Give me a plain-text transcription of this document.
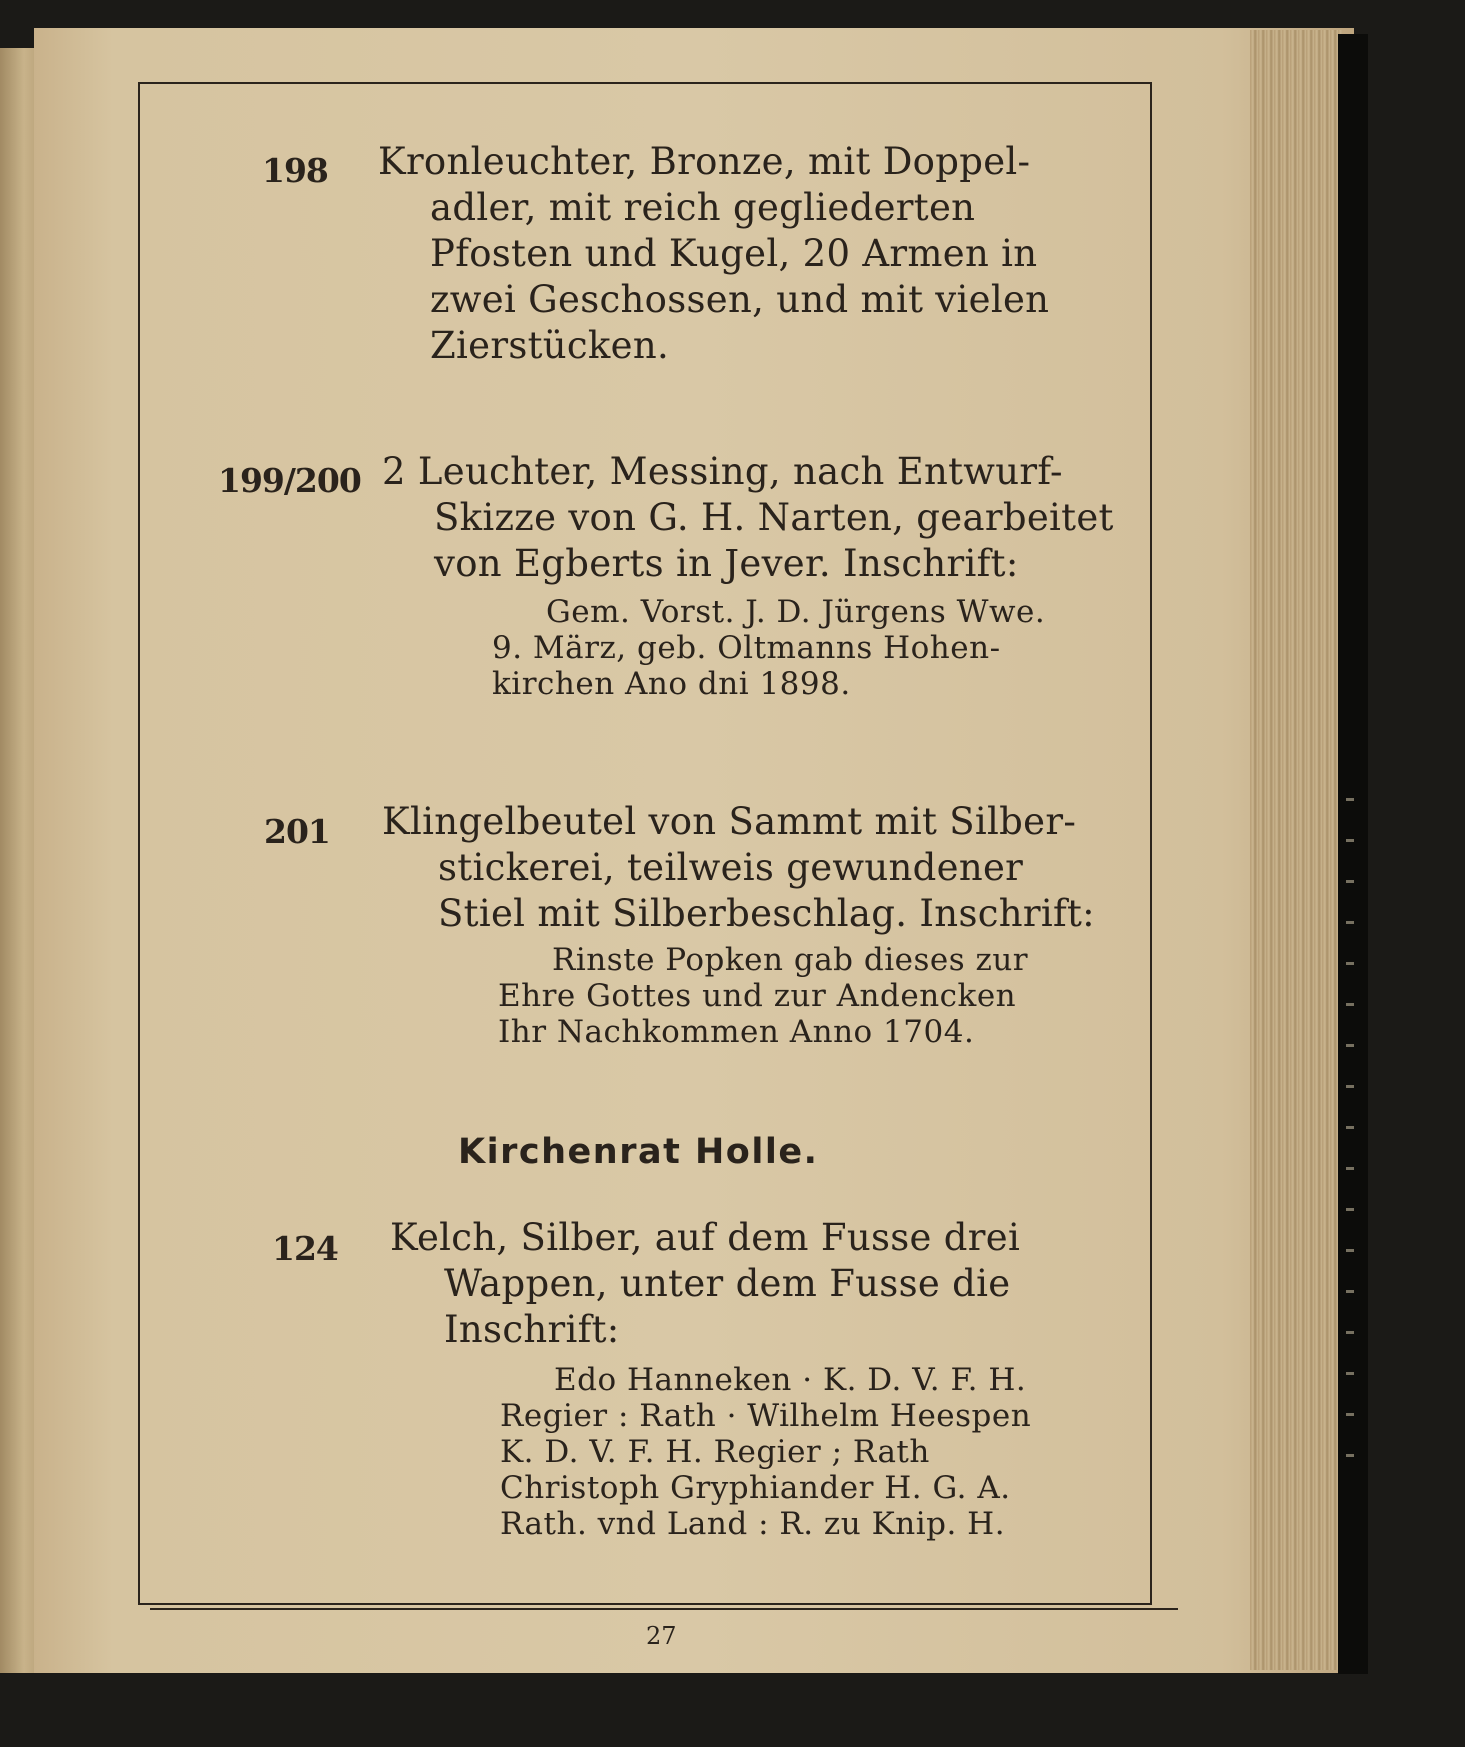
198 Kronleuchter, Bronze, mit Doppel-
adler, mit reich gegliederten
Pfosten und Kugel, 20 Armen in
zwei Geschossen, und mit vielen
Zierstücken.
199/200 2 Leuchter, Messing, nach Entwurf-
Skizze von G. H. Narten, gearbeitet
von Egberts in Jever. Inschrift:
Gem. Vorst. J. D. Jürgens Wwe.
9. März, geb. Oltmanns Hohen-
kirchen Ano dni 1898.
201 Klingelbeutel von Sammt mit Silber-
stickerei, teilweis gewundener
Stiel mit Silberbeschlag. Inschrift:
Rinste Popken gab dieses zur
Ehre Gottes und zur Andencken
Ihr Nachkommen Anno 1704.
Kirchenrat Holle.
124 Kelch, Silber, auf dem Fusse drei
Wappen, unter dem Fusse die
Inschrift:
Edo Hanneken · K. D. V. F. H.
Regier : Rath · Wilhelm Heespen
K. D. V. F. H. Regier ; Rath
Christoph Gryphiander H. G. A.
Rath. vnd Land : R. zu Knip. H.
27
